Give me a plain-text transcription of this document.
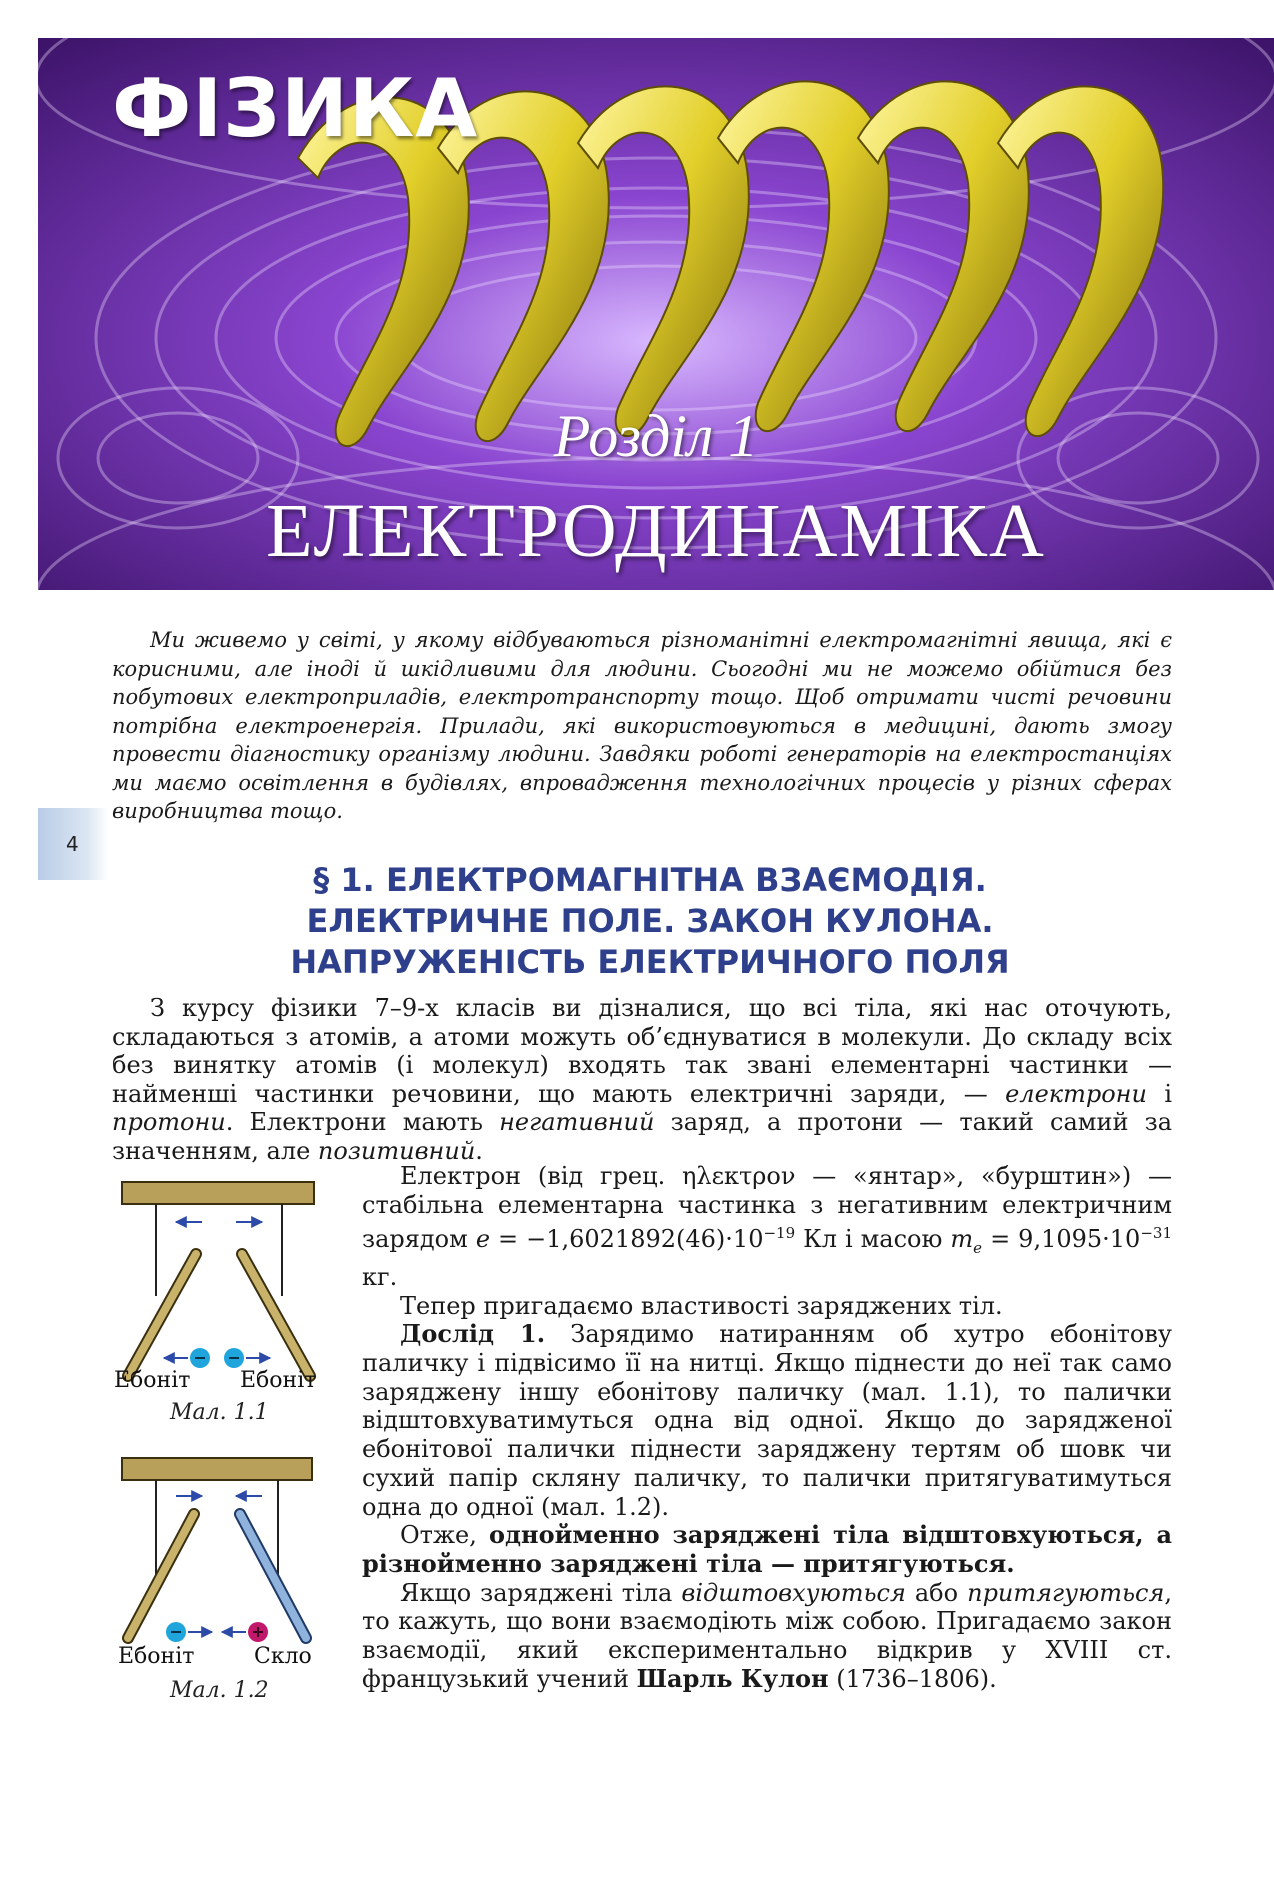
ФІЗИКА
Розділ 1
ЕЛЕКТРОДИНАМІКА

Ми живемо у світі, у якому відбуваються різноманітні електромагнітні явища, які є корисними, але іноді й шкідливими для людини. Сьогодні ми не можемо обійтися без побутових електроприладів, електротранспорту тощо. Щоб отримати чисті речовини потрібна електроенергія. Прилади, які використовуються в медицині, дають змогу провести діагностику організму людини. Завдяки роботі генераторів на електростанціях ми маємо освітлення в будівлях, впровадження технологічних процесів у різних сферах виробництва тощо.

4
§ 1. ЕЛЕКТРОМАГНІТНА ВЗАЄМОДІЯ.
ЕЛЕКТРИЧНЕ ПОЛЕ. ЗАКОН КУЛОНА.
НАПРУЖЕНІСТЬ ЕЛЕКТРИЧНОГО ПОЛЯ

З курсу фізики 7–9-х класів ви дізналися, що всі тіла, які нас оточують, складаються з атомів, а атоми можуть об’єднуватися в молекули. До складу всіх без винятку атомів (і молекул) входять так звані елементарні частинки — найменші частинки речовини, що мають електричні заряди, — електрони і протони. Електрони мають негативний заряд, а протони — такий самий за значенням, але позитивний.

Електрон (від грец. ηλεκτρον — «янтар», «бурштин») — стабільна елементарна частинка з негативним електричним зарядом $e = -1,6021892(46)\cdot 10^{-19}$ Кл і масою $m_e = 9,1095\cdot 10^{-31}$ кг.

Тепер пригадаємо властивості заряджених тіл.

Дослід 1. Зарядимо натиранням об хутро ебонітову паличку і підвісимо її на нитці. Якщо піднести до неї так само заряджену іншу ебонітову паличку (мал. 1.1), то палички відштовхуватимуться одна від одної. Якщо до зарядженої ебонітової палички піднести заряджену тертям об шовк чи сухий папір скляну паличку, то палички притягуватимуться одна до одної (мал. 1.2).

Отже, однойменно заряджені тіла відштовхуються, а різнойменно заряджені тіла — притягуються.

Якщо заряджені тіла відштовхуються або притягуються, то кажуть, що вони взаємодіють між собою. Пригадаємо закон взаємодії, який експериментально відкрив у XVIII ст. французький учений Шарль Кулон (1736–1806).

Ебоніт Ебоніт
Мал. 1.1
Ебоніт	Скло
Мал. 1.2
